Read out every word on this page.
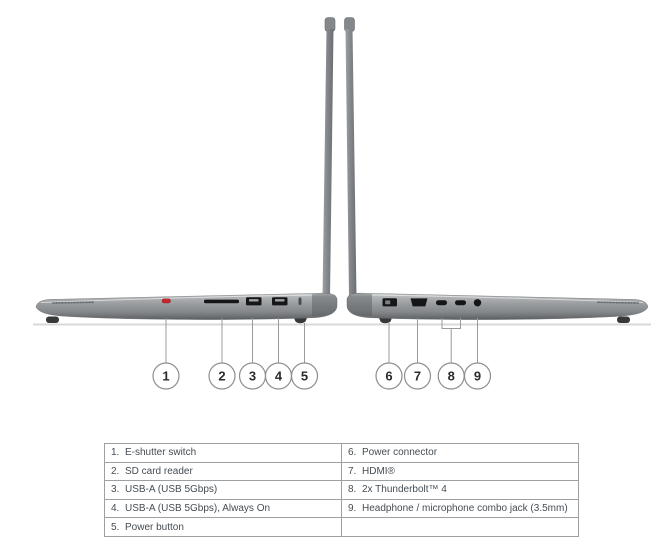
1	2 3 4 5	6 7 8 9
1. E-shutter switch	6. Power connector
2. SD card reader	7. HDMI®
3. USB-A (USB 5Gbps)	8. 2x Thunderbolt™ 4
4. USB-A (USB 5Gbps), Always On	9. Headphone / microphone combo jack (3.5mm)
5. Power button	
